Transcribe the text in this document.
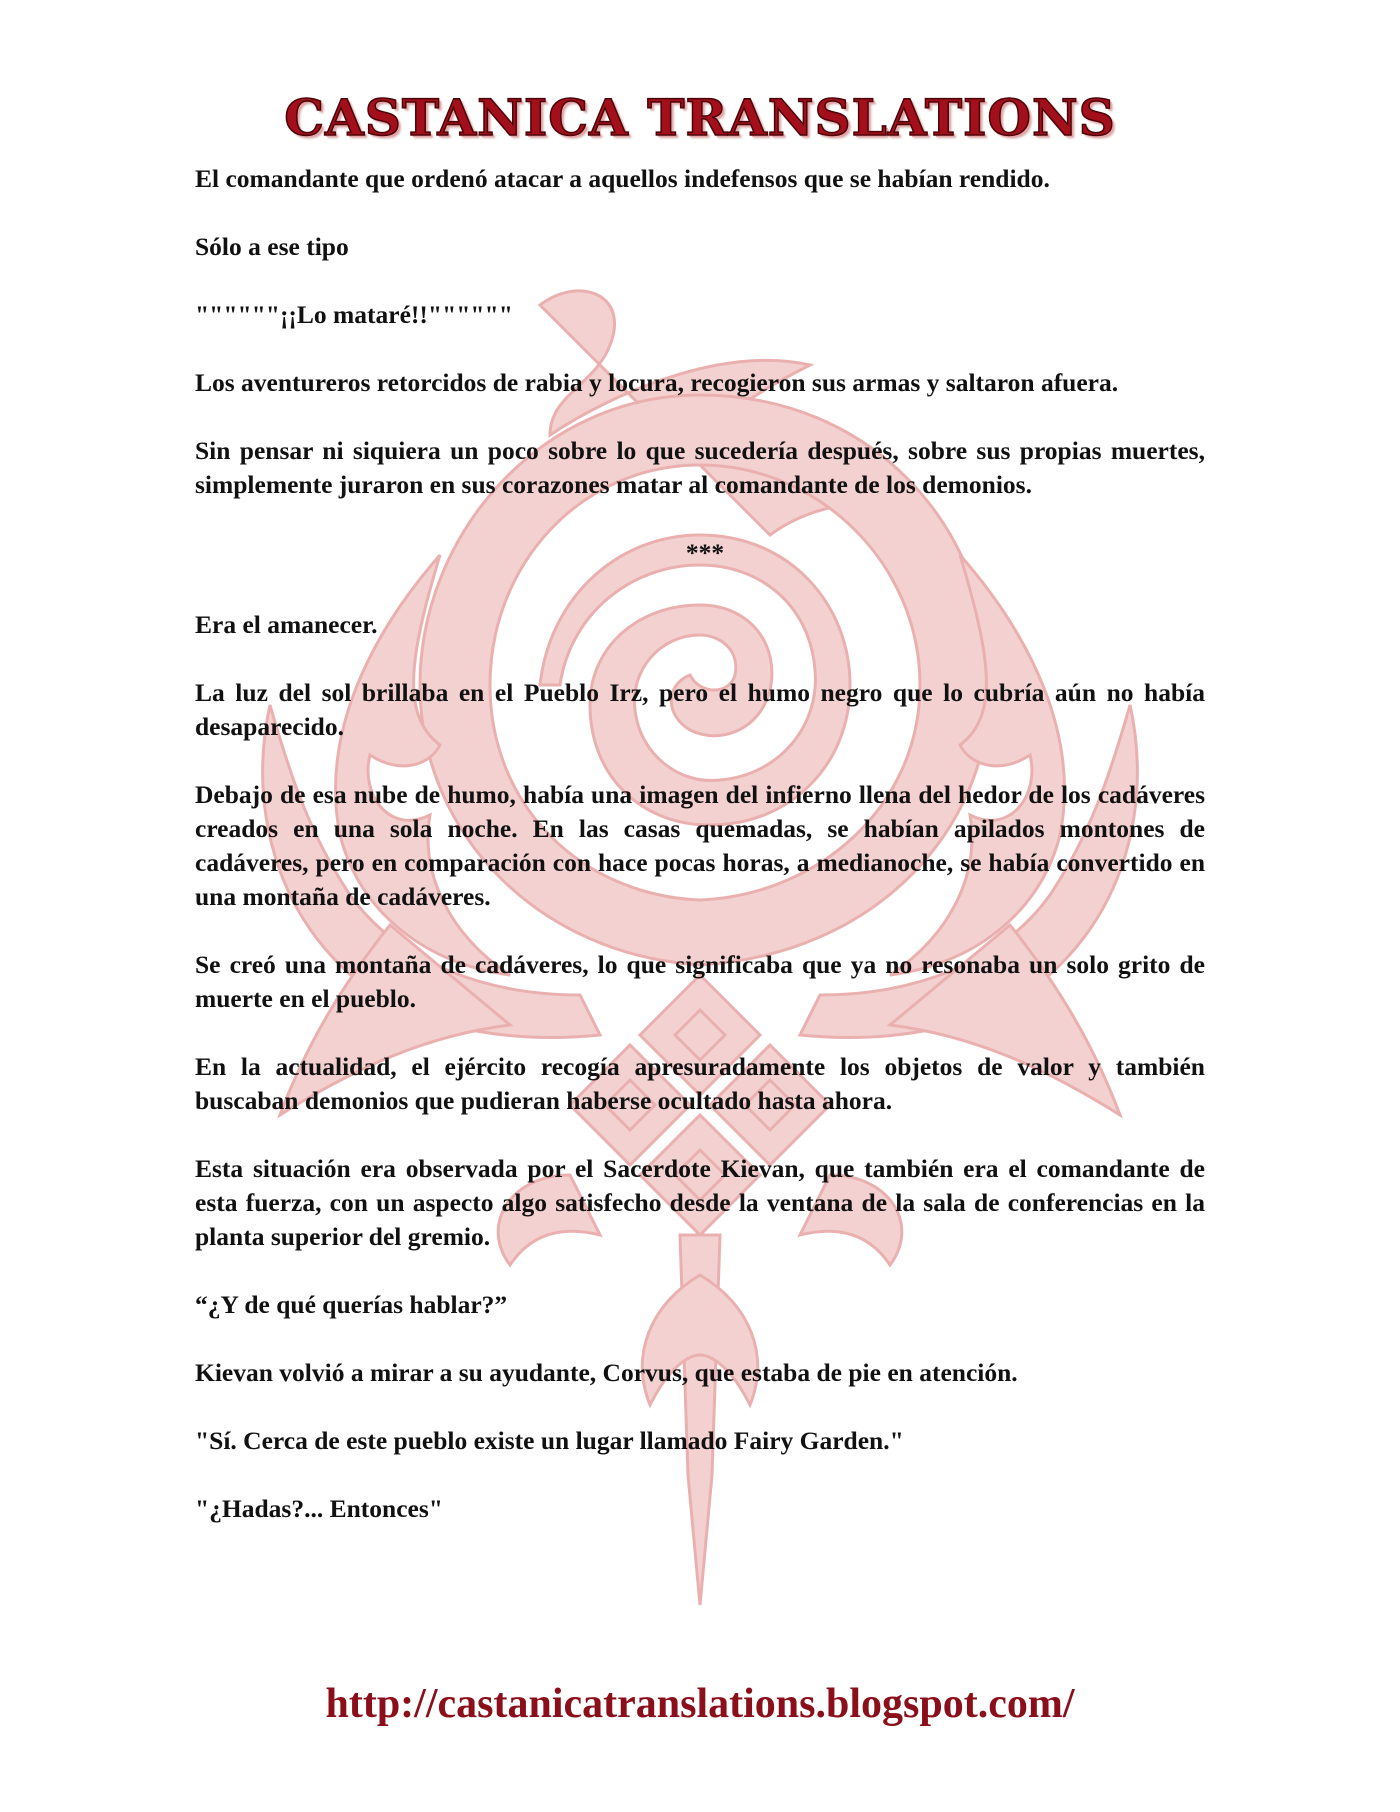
CASTANICA TRANSLATIONS

El comandante que ordenó atacar a aquellos indefensos que se habían rendido.

Sólo a ese tipo

""""""¡¡Lo mataré!!""""""

Los aventureros retorcidos de rabia y locura, recogieron sus armas y saltaron afuera.

Sin pensar ni siquiera un poco sobre lo que sucedería después, sobre sus propias muertes, simplemente juraron en sus corazones matar al comandante de los demonios.

***

Era el amanecer.

La luz del sol brillaba en el Pueblo Irz, pero el humo negro que lo cubría aún no había desaparecido.

Debajo de esa nube de humo, había una imagen del infierno llena del hedor de los cadáveres creados en una sola noche. En las casas quemadas, se habían apilados montones de cadáveres, pero en comparación con hace pocas horas, a medianoche, se había convertido en una montaña de cadáveres.

Se creó una montaña de cadáveres, lo que significaba que ya no resonaba un solo grito de muerte en el pueblo.

En la actualidad, el ejército recogía apresuradamente los objetos de valor y también buscaban demonios que pudieran haberse ocultado hasta ahora.

Esta situación era observada por el Sacerdote Kievan, que también era el comandante de esta fuerza, con un aspecto algo satisfecho desde la ventana de la sala de conferencias en la planta superior del gremio.

“¿Y de qué querías hablar?”

Kievan volvió a mirar a su ayudante, Corvus, que estaba de pie en atención.

"Sí. Cerca de este pueblo existe un lugar llamado Fairy Garden."

"¿Hadas?... Entonces"

http://castanicatranslations.blogspot.com/
